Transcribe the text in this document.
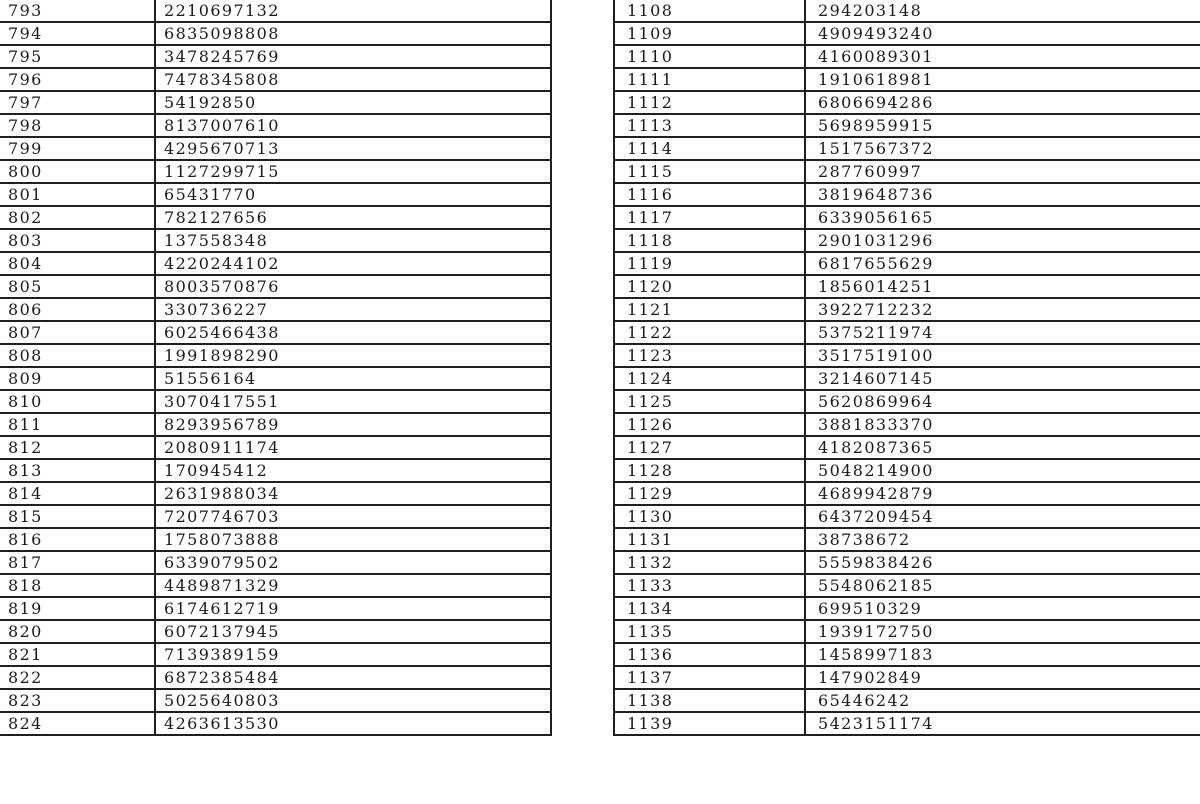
793	2210697132
794	6835098808
795	3478245769
796	7478345808
797	54192850
798	8137007610
799	4295670713
800	1127299715
801	65431770
802	782127656
803	137558348
804	4220244102
805	8003570876
806	330736227
807	6025466438
808	1991898290
809	51556164
810	3070417551
811	8293956789
812	2080911174
813	170945412
814	2631988034
815	7207746703
816	1758073888
817	6339079502
818	4489871329
819	6174612719
820	6072137945
821	7139389159
822	6872385484
823	5025640803
824	4263613530
1108	294203148
1109	4909493240
1110	4160089301
1111	1910618981
1112	6806694286
1113	5698959915
1114	1517567372
1115	287760997
1116	3819648736
1117	6339056165
1118	2901031296
1119	6817655629
1120	1856014251
1121	3922712232
1122	5375211974
1123	3517519100
1124	3214607145
1125	5620869964
1126	3881833370
1127	4182087365
1128	5048214900
1129	4689942879
1130	6437209454
1131	38738672
1132	5559838426
1133	5548062185
1134	699510329
1135	1939172750
1136	1458997183
1137	147902849
1138	65446242
1139	5423151174
